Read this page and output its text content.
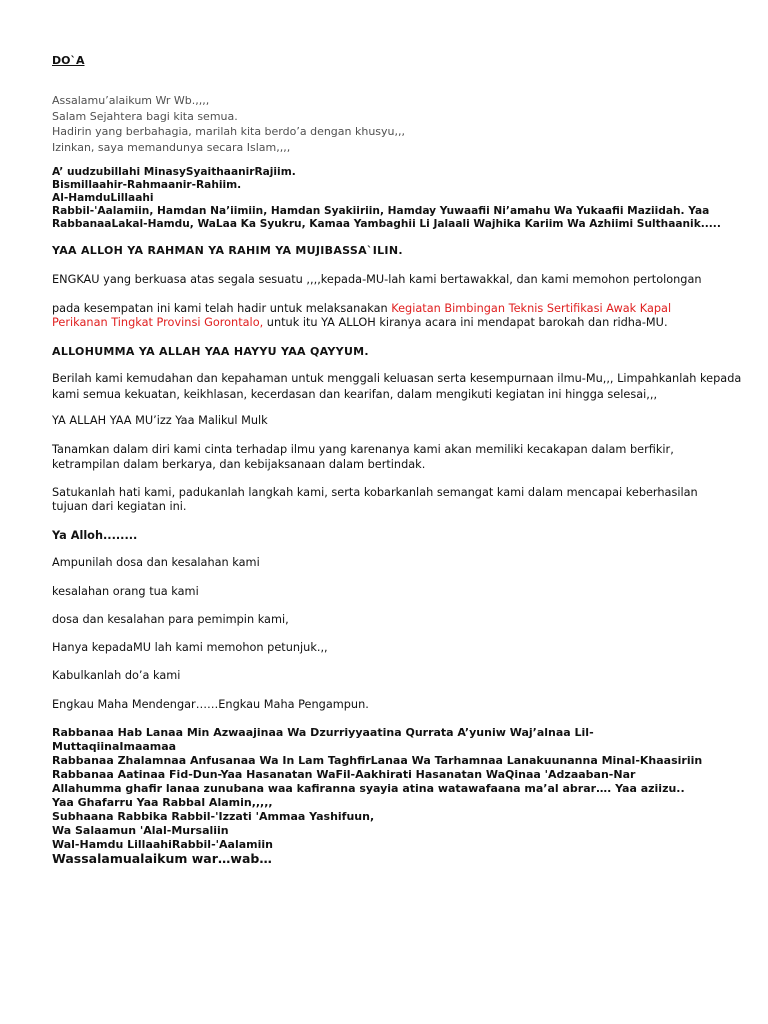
DO`A

Assalamu’alaikum Wr Wb.,,,,

Salam Sejahtera bagi kita semua.

Hadirin yang berbahagia, marilah kita berdo’a dengan khusyu,,,

Izinkan, saya memandunya secara Islam,,,,

A’ uudzubillahi MinasySyaithaanirRajiim.

Bismillaahir-Rahmaanir-Rahiim.

Al-HamduLillaahi

Rabbil-'Aalamiin, Hamdan Na’iimiin, Hamdan Syakiiriin, Hamday Yuwaafii Ni’amahu Wa Yukaafii Maziidah. Yaa

RabbanaaLakal-Hamdu, WaLaa Ka Syukru, Kamaa Yambaghii Li Jalaali Wajhika Kariim Wa Azhiimi Sulthaanik.....

YAA ALLOH YA RAHMAN YA RAHIM YA MUJIBASSA`ILIN.

ENGKAU yang berkuasa atas segala sesuatu ,,,,kepada-MU-lah kami bertawakkal, dan kami memohon pertolongan

pada kesempatan ini kami telah hadir untuk melaksanakan Kegiatan Bimbingan Teknis Sertifikasi Awak Kapal

Perikanan Tingkat Provinsi Gorontalo, untuk itu YA ALLOH kiranya acara ini mendapat barokah dan ridha-MU.

ALLOHUMMA YA ALLAH YAA HAYYU YAA QAYYUM.

Berilah kami kemudahan dan kepahaman untuk menggali keluasan serta kesempurnaan ilmu-Mu,,, Limpahkanlah kepada

kami semua kekuatan, keikhlasan, kecerdasan dan kearifan, dalam mengikuti kegiatan ini hingga selesai,,,

YA ALLAH YAA MU’izz Yaa Malikul Mulk

Tanamkan dalam diri kami cinta terhadap ilmu yang karenanya kami akan memiliki kecakapan dalam berfikir,

ketrampilan dalam berkarya, dan kebijaksanaan dalam bertindak.

Satukanlah hati kami, padukanlah langkah kami, serta kobarkanlah semangat kami dalam mencapai keberhasilan

tujuan dari kegiatan ini.

Ya Alloh........

Ampunilah dosa dan kesalahan kami

kesalahan orang tua kami

dosa dan kesalahan para pemimpin kami,

Hanya kepadaMU lah kami memohon petunjuk.,,

Kabulkanlah do’a kami

Engkau Maha Mendengar……Engkau Maha Pengampun.

Rabbanaa Hab Lanaa Min Azwaajinaa Wa Dzurriyyaatina Qurrata A’yuniw Waj’alnaa Lil-

MuttaqiinaImaamaa

Rabbanaa Zhalamnaa Anfusanaa Wa In Lam TaghfirLanaa Wa Tarhamnaa Lanakuunanna Minal-Khaasiriin

Rabbanaa Aatinaa Fid-Dun-Yaa Hasanatan WaFil-Aakhirati Hasanatan WaQinaa 'Adzaaban-Nar

Allahumma ghafir lanaa zunubana waa kafiranna syayia atina watawafaana ma’al abrar…. Yaa aziizu..

Yaa Ghafarru Yaa Rabbal Alamin,,,,,

Subhaana Rabbika Rabbil-'Izzati 'Ammaa Yashifuun,

Wa Salaamun 'Alal-Mursaliin

Wal-Hamdu LillaahiRabbil-'Aalamiin

Wassalamualaikum war…wab…
